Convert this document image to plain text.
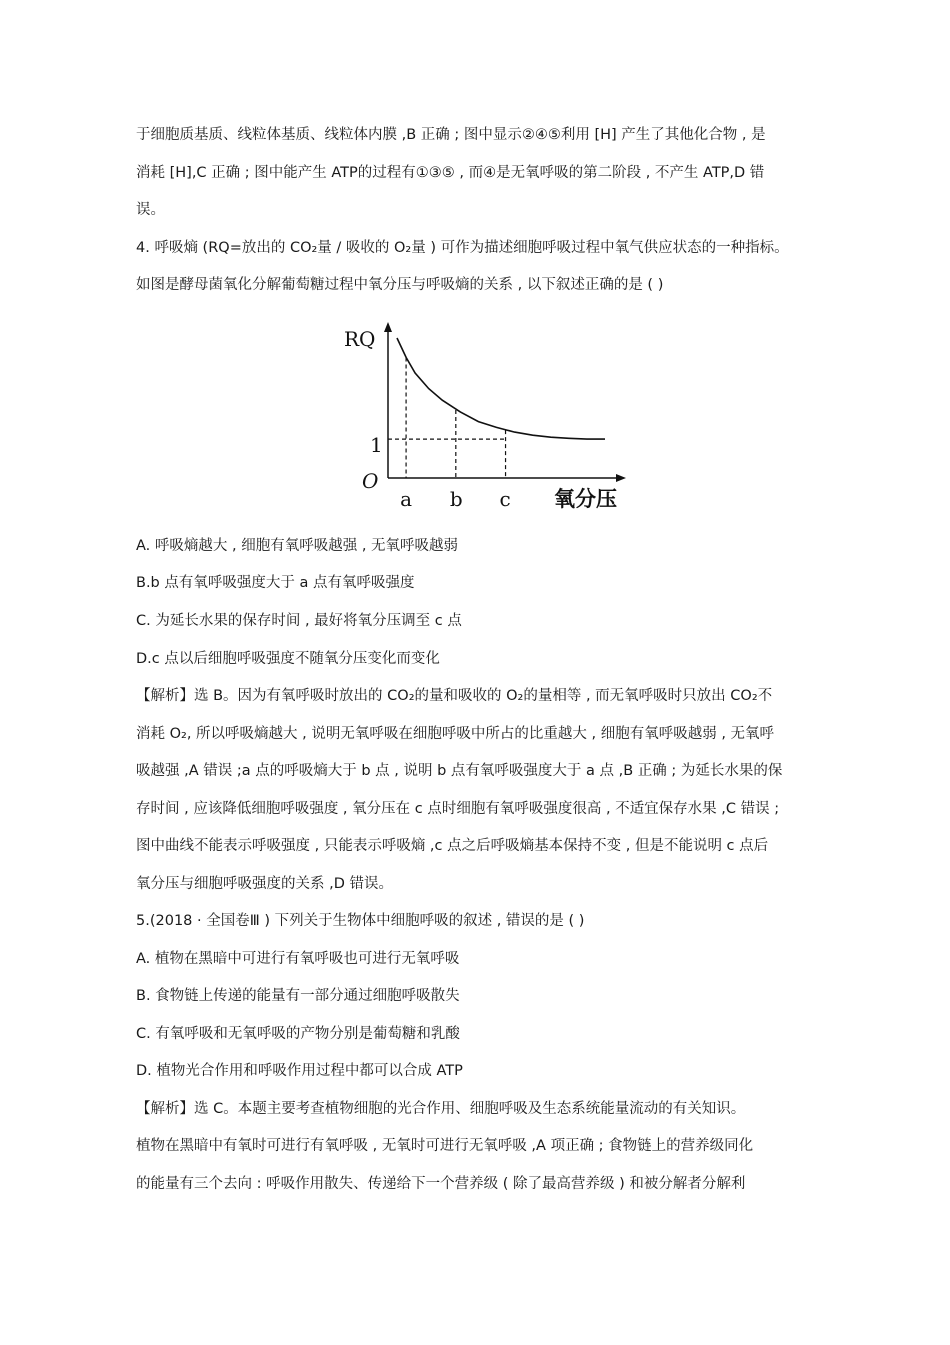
于细胞质基质、线粒体基质、线粒体内膜 ,B 正确 ; 图中显示②④⑤利用 [H] 产生了其他化合物 , 是
消耗 [H],C 正确 ; 图中能产生 ATP的过程有①③⑤ , 而④是无氧呼吸的第二阶段 , 不产生 ATP,D 错
误。
4. 呼吸熵 (RQ=放出的 CO₂量 / 吸收的 O₂量 ) 可作为描述细胞呼吸过程中氧气供应状态的一种指标。
如图是酵母菌氧化分解葡萄糖过程中氧分压与呼吸熵的关系 , 以下叙述正确的是 ( )
RQ
O
1
氧分压
a b c
A. 呼吸熵越大 , 细胞有氧呼吸越强 , 无氧呼吸越弱
B.b 点有氧呼吸强度大于 a 点有氧呼吸强度
C. 为延长水果的保存时间 , 最好将氧分压调至 c 点
D.c 点以后细胞呼吸强度不随氧分压变化而变化
【解析】选 B。因为有氧呼吸时放出的 CO₂的量和吸收的 O₂的量相等 , 而无氧呼吸时只放出 CO₂不
消耗 O₂, 所以呼吸熵越大 , 说明无氧呼吸在细胞呼吸中所占的比重越大 , 细胞有氧呼吸越弱 , 无氧呼
吸越强 ,A 错误 ;a 点的呼吸熵大于 b 点 , 说明 b 点有氧呼吸强度大于 a 点 ,B 正确 ; 为延长水果的保
存时间 , 应该降低细胞呼吸强度 , 氧分压在 c 点时细胞有氧呼吸强度很高 , 不适宜保存水果 ,C 错误 ;
图中曲线不能表示呼吸强度 , 只能表示呼吸熵 ,c 点之后呼吸熵基本保持不变 , 但是不能说明 c 点后
氧分压与细胞呼吸强度的关系 ,D 错误。
5.(2018 · 全国卷Ⅲ ) 下列关于生物体中细胞呼吸的叙述 , 错误的是 ( )
A. 植物在黑暗中可进行有氧呼吸也可进行无氧呼吸
B. 食物链上传递的能量有一部分通过细胞呼吸散失
C. 有氧呼吸和无氧呼吸的产物分别是葡萄糖和乳酸
D. 植物光合作用和呼吸作用过程中都可以合成 ATP
【解析】选 C。本题主要考查植物细胞的光合作用、细胞呼吸及生态系统能量流动的有关知识。
植物在黑暗中有氧时可进行有氧呼吸 , 无氧时可进行无氧呼吸 ,A 项正确 ; 食物链上的营养级同化
的能量有三个去向 : 呼吸作用散失、传递给下一个营养级 ( 除了最高营养级 ) 和被分解者分解利
